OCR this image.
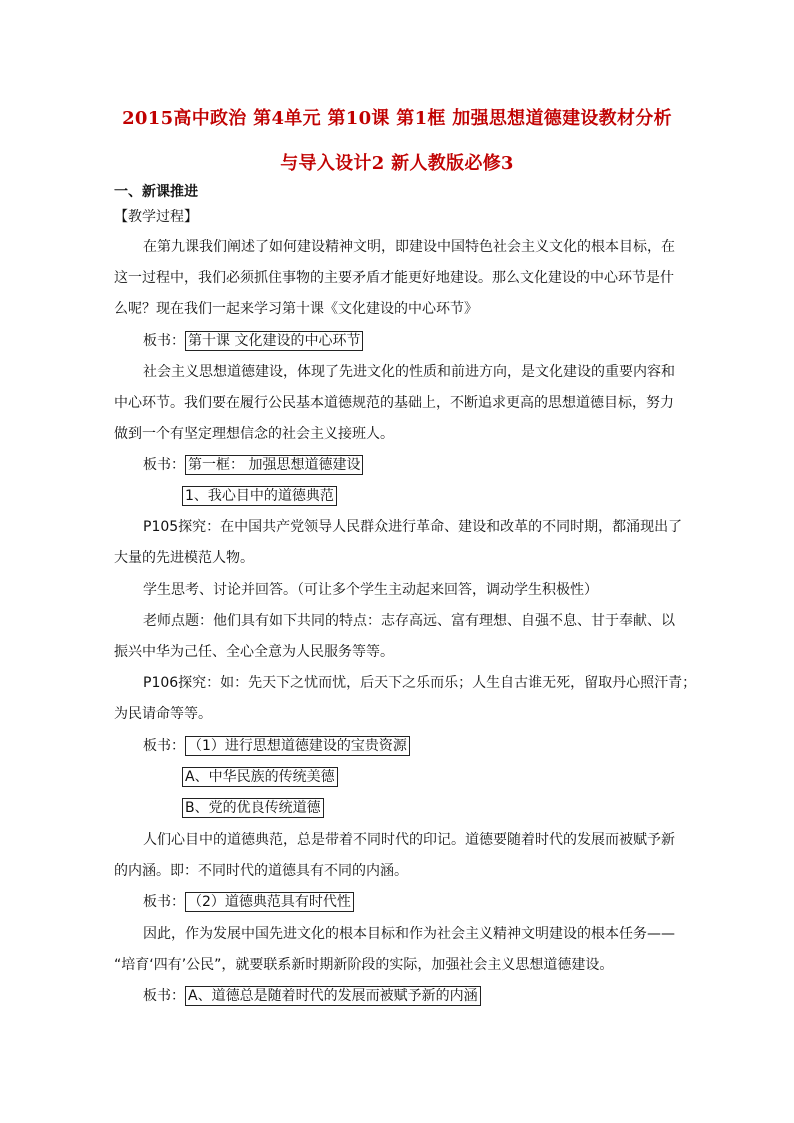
2015高中政治 第4单元 第10课 第1框 加强思想道德建设教材分析
与导入设计2 新人教版必修3
一、新课推进
【教学过程】
在第九课我们阐述了如何建设精神文明，即建设中国特色社会主义文化的根本目标，在
这一过程中，我们必须抓住事物的主要矛盾才能更好地建设。那么文化建设的中心环节是什
么呢？现在我们一起来学习第十课《文化建设的中心环节》
板书： 第十课 文化建设的中心环节
社会主义思想道德建设，体现了先进文化的性质和前进方向，是文化建设的重要内容和
中心环节。我们要在履行公民基本道德规范的基础上，不断追求更高的思想道德目标，努力
做到一个有坚定理想信念的社会主义接班人。
板书： 第一框： 加强思想道德建设
1、我心目中的道德典范
P105探究：在中国共产党领导人民群众进行革命、建设和改革的不同时期，都涌现出了
大量的先进模范人物。
学生思考、讨论并回答。（可让多个学生主动起来回答，调动学生积极性）
老师点题：他们具有如下共同的特点：志存高远、富有理想、自强不息、甘于奉献、以
振兴中华为己任、全心全意为人民服务等等。
P106探究：如：先天下之忧而忧，后天下之乐而乐；人生自古谁无死，留取丹心照汗青；
为民请命等等。
板书： （1）进行思想道德建设的宝贵资源
A、中华民族的传统美德
B、党的优良传统道德
人们心目中的道德典范，总是带着不同时代的印记。道德要随着时代的发展而被赋予新
的内涵。即：不同时代的道德具有不同的内涵。
板书： （2）道德典范具有时代性
因此，作为发展中国先进文化的根本目标和作为社会主义精神文明建设的根本任务——
“培育‘四有’公民”，就要联系新时期新阶段的实际，加强社会主义思想道德建设。
板书： A、道德总是随着时代的发展而被赋予新的内涵
